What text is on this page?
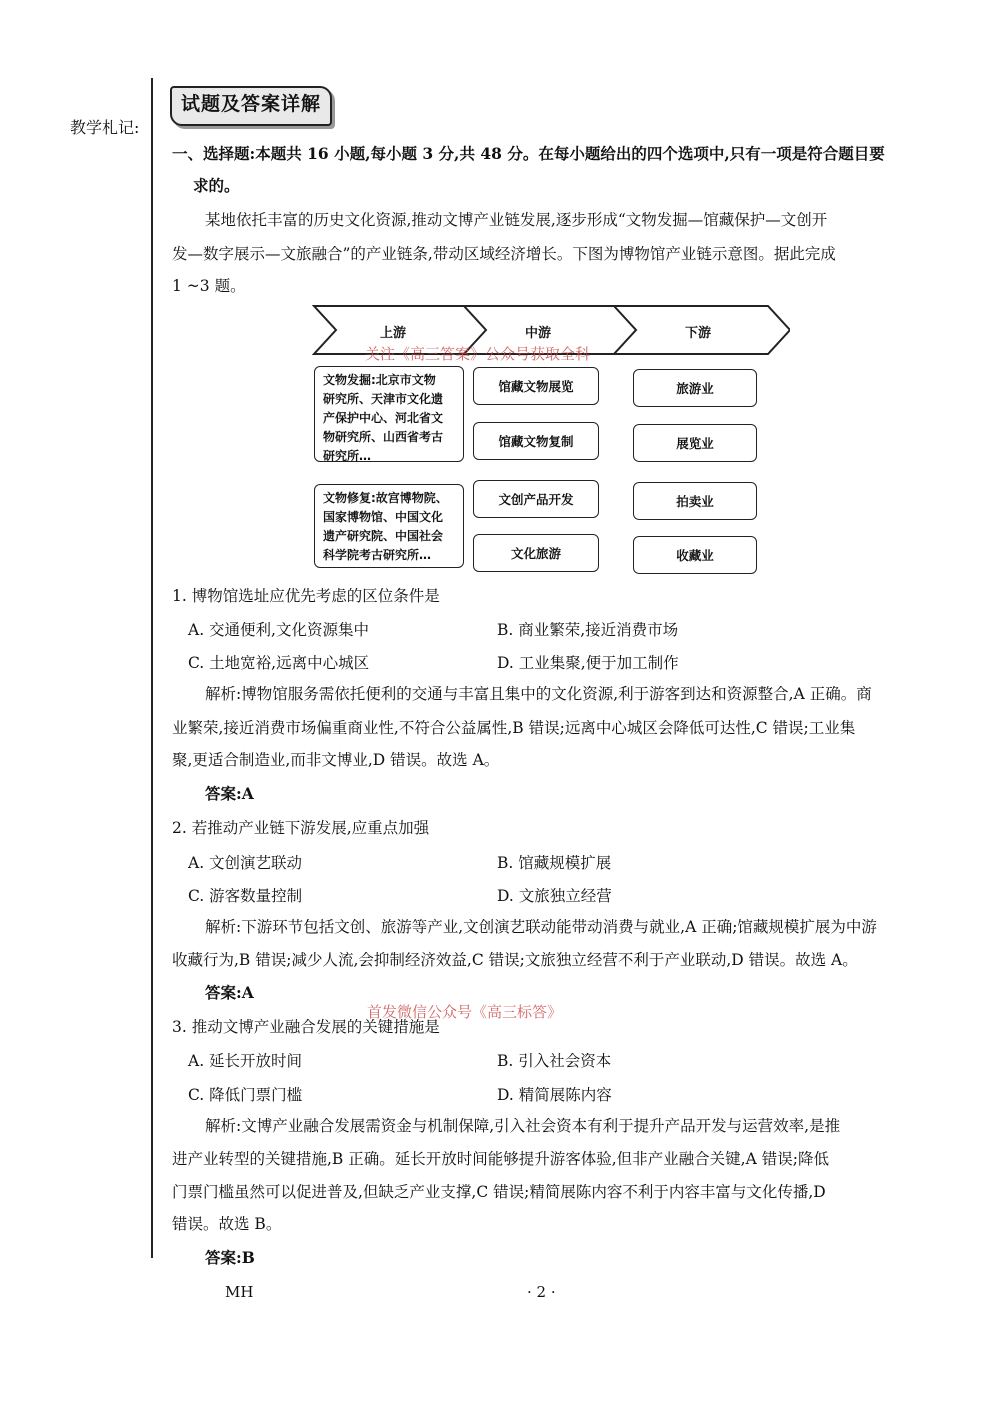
教学札记:
试题及答案详解
一、选择题:本题共 16 小题,每小题 3 分,共 48 分。在每小题给出的四个选项中,只有一项是符合题目要
求的。
某地依托丰富的历史文化资源,推动文博产业链发展,逐步形成“文物发掘—馆藏保护—文创开
发—数字展示—文旅融合”的产业链条,带动区域经济增长。下图为博物馆产业链示意图。据此完成
1 ~3 题。
上游	中游	下游
文物发掘:北京市文物
研究所、天津市文化遗
产保护中心、河北省文
物研究所、山西省考古
研究所…
文物修复:故宫博物院、
国家博物馆、中国文化
遗产研究院、中国社会
科学院考古研究所…
馆藏文物展览
馆藏文物复制
文创产品开发
文化旅游
旅游业
展览业
拍卖业
收藏业
关注《高三答案》公众号获取全科
1. 博物馆选址应优先考虑的区位条件是
A. 交通便利,文化资源集中	B. 商业繁荣,接近消费市场
C. 土地宽裕,远离中心城区	D. 工业集聚,便于加工制作
解析:博物馆服务需依托便利的交通与丰富且集中的文化资源,利于游客到达和资源整合,A 正确。商
业繁荣,接近消费市场偏重商业性,不符合公益属性,B 错误;远离中心城区会降低可达性,C 错误;工业集
聚,更适合制造业,而非文博业,D 错误。故选 A。
答案:A
2. 若推动产业链下游发展,应重点加强
A. 文创演艺联动	B. 馆藏规模扩展
C. 游客数量控制	D. 文旅独立经营
解析:下游环节包括文创、旅游等产业,文创演艺联动能带动消费与就业,A 正确;馆藏规模扩展为中游
收藏行为,B 错误;减少人流,会抑制经济效益,C 错误;文旅独立经营不利于产业联动,D 错误。故选 A。
答案:A
首发微信公众号《高三标答》
3. 推动文博产业融合发展的关键措施是
A. 延长开放时间	B. 引入社会资本
C. 降低门票门槛	D. 精简展陈内容
解析:文博产业融合发展需资金与机制保障,引入社会资本有利于提升产品开发与运营效率,是推
进产业转型的关键措施,B 正确。延长开放时间能够提升游客体验,但非产业融合关键,A 错误;降低
门票门槛虽然可以促进普及,但缺乏产业支撑,C 错误;精简展陈内容不利于内容丰富与文化传播,D
错误。故选 B。
答案:B
MH	· 2 ·
